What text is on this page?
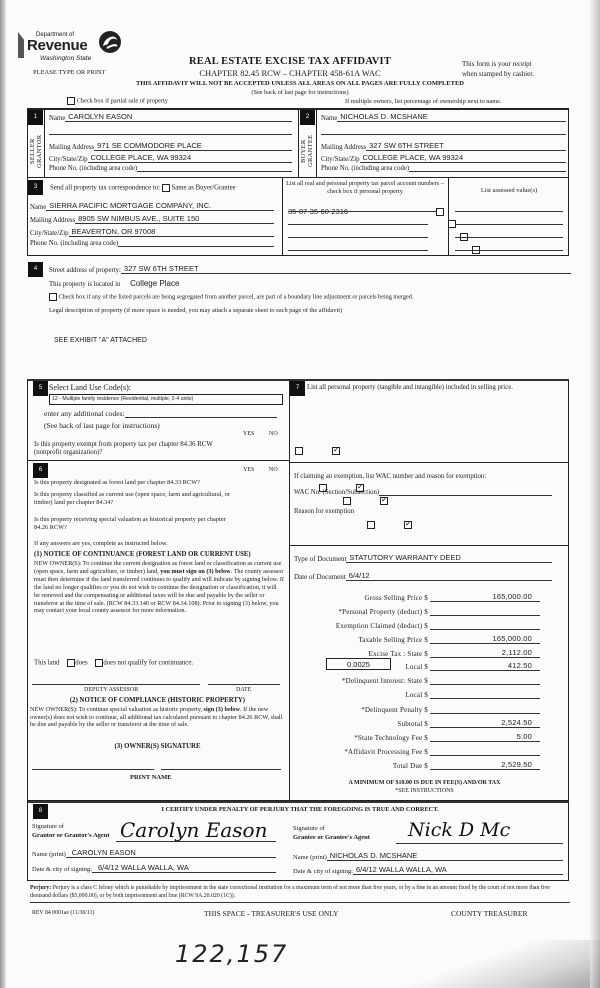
Department of
Revenue
Washington State
PLEASE TYPE OR PRINT
REAL ESTATE EXCISE TAX AFFIDAVIT
CHAPTER 82.45 RCW – CHAPTER 458-61A WAC
This form is your receipt
when stamped by cashier.
THIS AFFIDAVIT WILL NOT BE ACCEPTED UNLESS ALL AREAS ON ALL PAGES ARE FULLY COMPLETED
(See back of last page for instructions)
Check box if partial sale of property	If multiple owners, list percentage of ownership next to name.
1
SELLER
GRANTOR
Name CAROLYN EASON
Mailing Address 971 SE COMMODORE PLACE
City/State/Zip COLLEGE PLACE, WA 99324
Phone No. (including area code)
2
BUYER
GRANTEE
Name NICHOLAS D. MCSHANE
Mailing Address 327 SW 6TH STREET
City/State/Zip COLLEGE PLACE, WA 99324
Phone No. (including area code)
3	Send all property tax correspondence to: Same as Buyer/Grantee
Name SIERRA PACIFIC MORTGAGE COMPANY, INC.
Mailing Address 8905 SW NIMBUS AVE., SUITE 150
City/State/Zip BEAVERTON, OR 97008
Phone No. (including area code)
List all real and personal property tax parcel account numbers – check box if personal property	List assessed value(s)
35-07-35-60-2316

4	Street address of property: 327 SW 6TH STREET
This property is located in College Place
Check box if any of the listed parcels are being segregated from another parcel, are part of a boundary line adjustment or parcels being merged.
Legal description of property (if more space is needed, you may attach a separate sheet to each page of the affidavit)
SEE EXHIBIT "A" ATTACHED
5 Select Land Use Code(s):
12 - Multiple family residence (Residential, multiple, 2-4 units)
enter any additional codes:
(See back of last page for instructions)
YES NO
Is this property exempt from property tax per chapter 84.36 RCW (nonprofit organization)?
✓
6	YES NO
Is this property designated as forest land per chapter 84.33 RCW?
✓
Is this property classified as current use (open space, farm and agricultural, or timber) land per chapter 84.34?
✓
Is this property receiving special valuation as historical property per chapter 84.26 RCW?
✓
If any answers are yes, complete as instructed below.
(1) NOTICE OF CONTINUANCE (FOREST LAND OR CURRENT USE)
NEW OWNER(S): To continue the current designation as forest land or classification as current use (open space, farm and agriculture, or timber) land, you must sign on (3) below. The county assessor must then determine if the land transferred continues to qualify and will indicate by signing below. If the land no longer qualifies or you do not wish to continue the designation or classification, it will be removed and the compensating or additional taxes will be due and payable by the seller or transferor at the time of sale. (RCW 84.33.140 or RCW 84.34.108). Prior to signing (3) below, you may contact your local county assessor for more information.
This land does does not qualify for continuance.
DEPUTY ASSESSOR	DATE
(2) NOTICE OF COMPLIANCE (HISTORIC PROPERTY)
NEW OWNER(S): To continue special valuation as historic property, sign (3) below. If the new owner(s) does not wish to continue, all additional tax calculated pursuant to chapter 84.26 RCW, shall be due and payable by the seller or transferor at the time of sale.
(3) OWNER(S) SIGNATURE
PRINT NAME
7	List all personal property (tangible and intangible) included in selling price.
If claiming an exemption, list WAC number and reason for exemption:
WAC No. (Section/Subsection)
Reason for exemption
Type of Document STATUTORY WARRANTY DEED
Date of Document 6/4/12
Gross Selling Price $	165,000.00
*Personal Property (deduct) $
Exemption Claimed (deduct) $
Taxable Selling Price $	165,000.00
Excise Tax : State $	2,112.00
0.0025	Local $	412.50
*Delinquent Interest: State $
Local $
*Delinquent Penalty $
Subtotal $	2,524.50
*State Technology Fee $	5.00
*Affidavit Processing Fee $
Total Due $	2,529.50
A MINIMUM OF $10.00 IS DUE IN FEE(S) AND/OR TAX
*SEE INSTRUCTIONS
8	I CERTIFY UNDER PENALTY OF PERJURY THAT THE FOREGOING IS TRUE AND CORRECT.
Signature of
Grantor or Grantor's Agent Carolyn Eason
Name (print) CAROLYN EASON
Date & city of signing: 6/4/12 WALLA WALLA, WA
Signature of
Grantee or Grantee's Agent Nick D Mc
Name (print) NICHOLAS D. MCSHANE
Date & city of signing: 6/4/12 WALLA WALLA, WA
Perjury: Perjury is a class C felony which is punishable by imprisonment in the state correctional institution for a maximum term of not more than five years, or by a fine in an amount fixed by the court of not more than five thousand dollars ($5,000.00), or by both imprisonment and fine (RCW 9A.20.020 (1C)).
REV 84 0001ae (11/30/11)	THIS SPACE - TREASURER'S USE ONLY	COUNTY TREASURER
122,157
